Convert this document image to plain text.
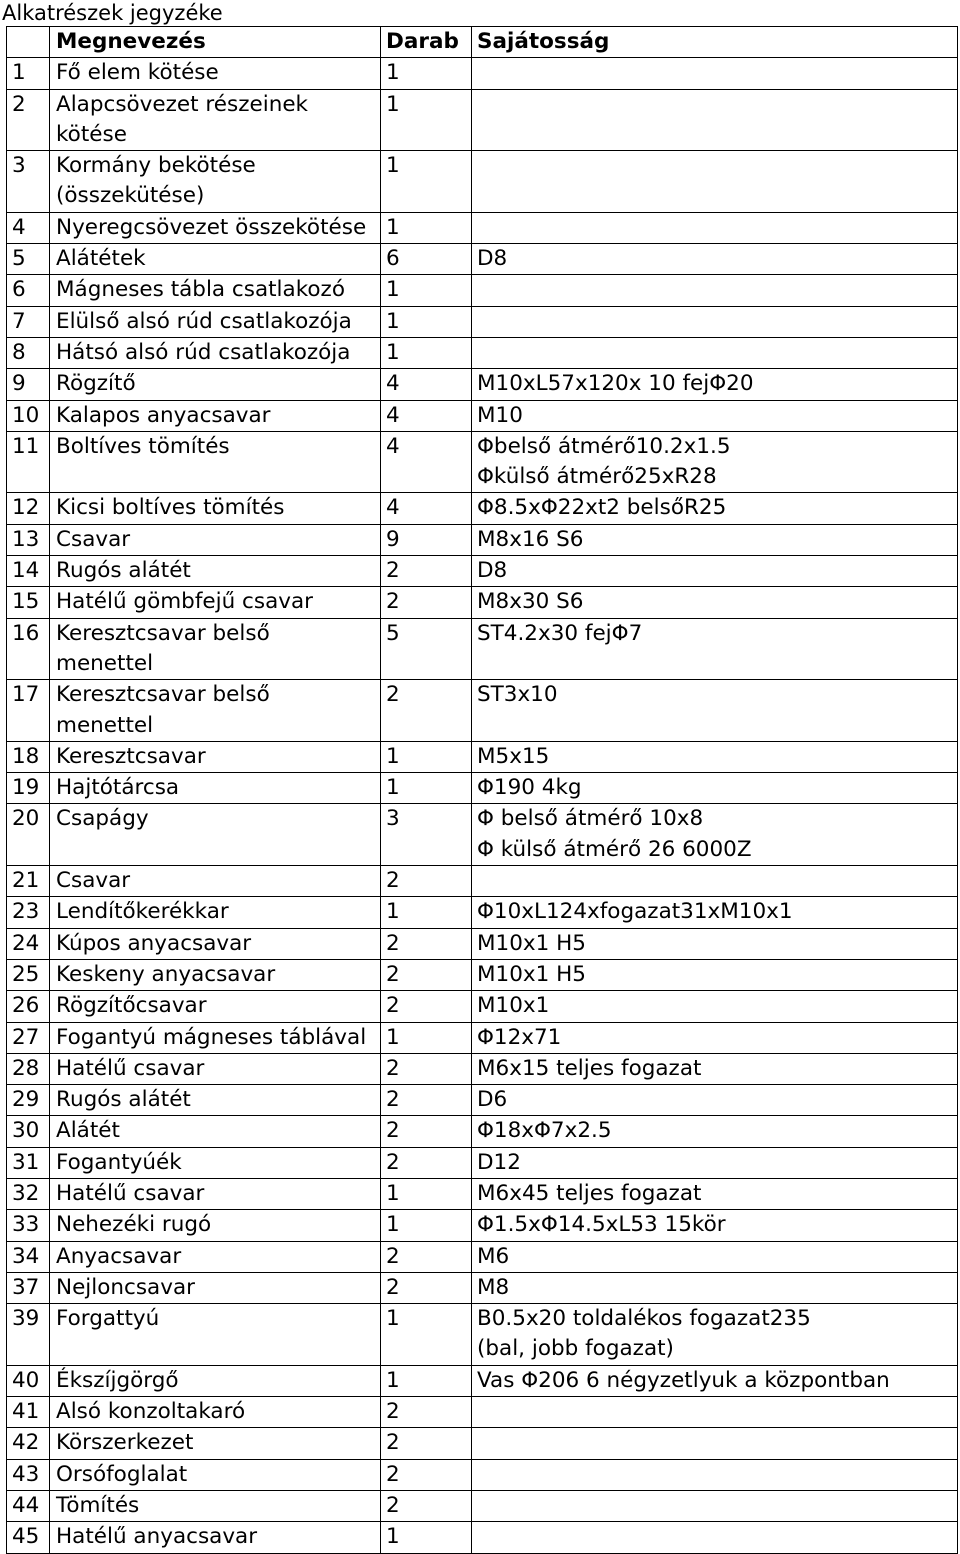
Alkatrészek jegyzéke
	Megnevezés	Darab	Sajátosság
1	Fő elem kötése	1	
2	Alapcsövezet részeinek
kötése	1	
3	Kormány bekötése
(összekütése)	1	
4	Nyeregcsövezet összekötése	1	
5	Alátétek	6	D8

6	Mágneses tábla csatlakozó	1	
7	Elülső alsó rúd csatlakozója	1	
8	Hátsó alsó rúd csatlakozója	1	
9	Rögzítő	4	M10xL57x120x 10 fejΦ20

10	Kalapos anyacsavar	4	M10

11	Boltíves tömítés	4	Φbelső átmérő10.2x1.5
Φkülső átmérő25xR28

12	Kicsi boltíves tömítés	4	Φ8.5xΦ22xt2 belsőR25

13	Csavar	9	M8x16 S6

14	Rugós alátét	2	D8

15	Hatélű gömbfejű csavar	2	M8x30 S6

16	Keresztcsavar belső
menettel	5	ST4.2x30 fejΦ7

17	Keresztcsavar belső
menettel	2	ST3x10

18	Keresztcsavar	1	M5x15

19	Hajtótárcsa	1	Φ190 4kg

20	Csapágy	3	Φ belső átmérő 10x8
Φ külső átmérő 26 6000Z

21	Csavar	2	
23	Lendítőkerékkar	1	Φ10xL124xfogazat31xM10x1

24	Kúpos anyacsavar	2	M10x1 H5

25	Keskeny anyacsavar	2	M10x1 H5

26	Rögzítőcsavar	2	M10x1

27	Fogantyú mágneses táblával	1	Φ12x71

28	Hatélű csavar	2	M6x15 teljes fogazat

29	Rugós alátét	2	D6

30	Alátét	2	Φ18xΦ7x2.5

31	Fogantyúék	2	D12

32	Hatélű csavar	1	M6x45 teljes fogazat

33	Nehezéki rugó	1	Φ1.5xΦ14.5xL53 15kör

34	Anyacsavar	2	M6

37	Nejloncsavar	2	M8

39	Forgattyú	1	B0.5x20 toldalékos fogazat235
(bal, jobb fogazat)

40	Ékszíjgörgő	1	Vas Φ206 6 négyzetlyuk a központban

41	Alsó konzoltakaró	2	
42	Körszerkezet	2	
43	Orsófoglalat	2	
44	Tömítés	2	
45	Hatélű anyacsavar	1	
